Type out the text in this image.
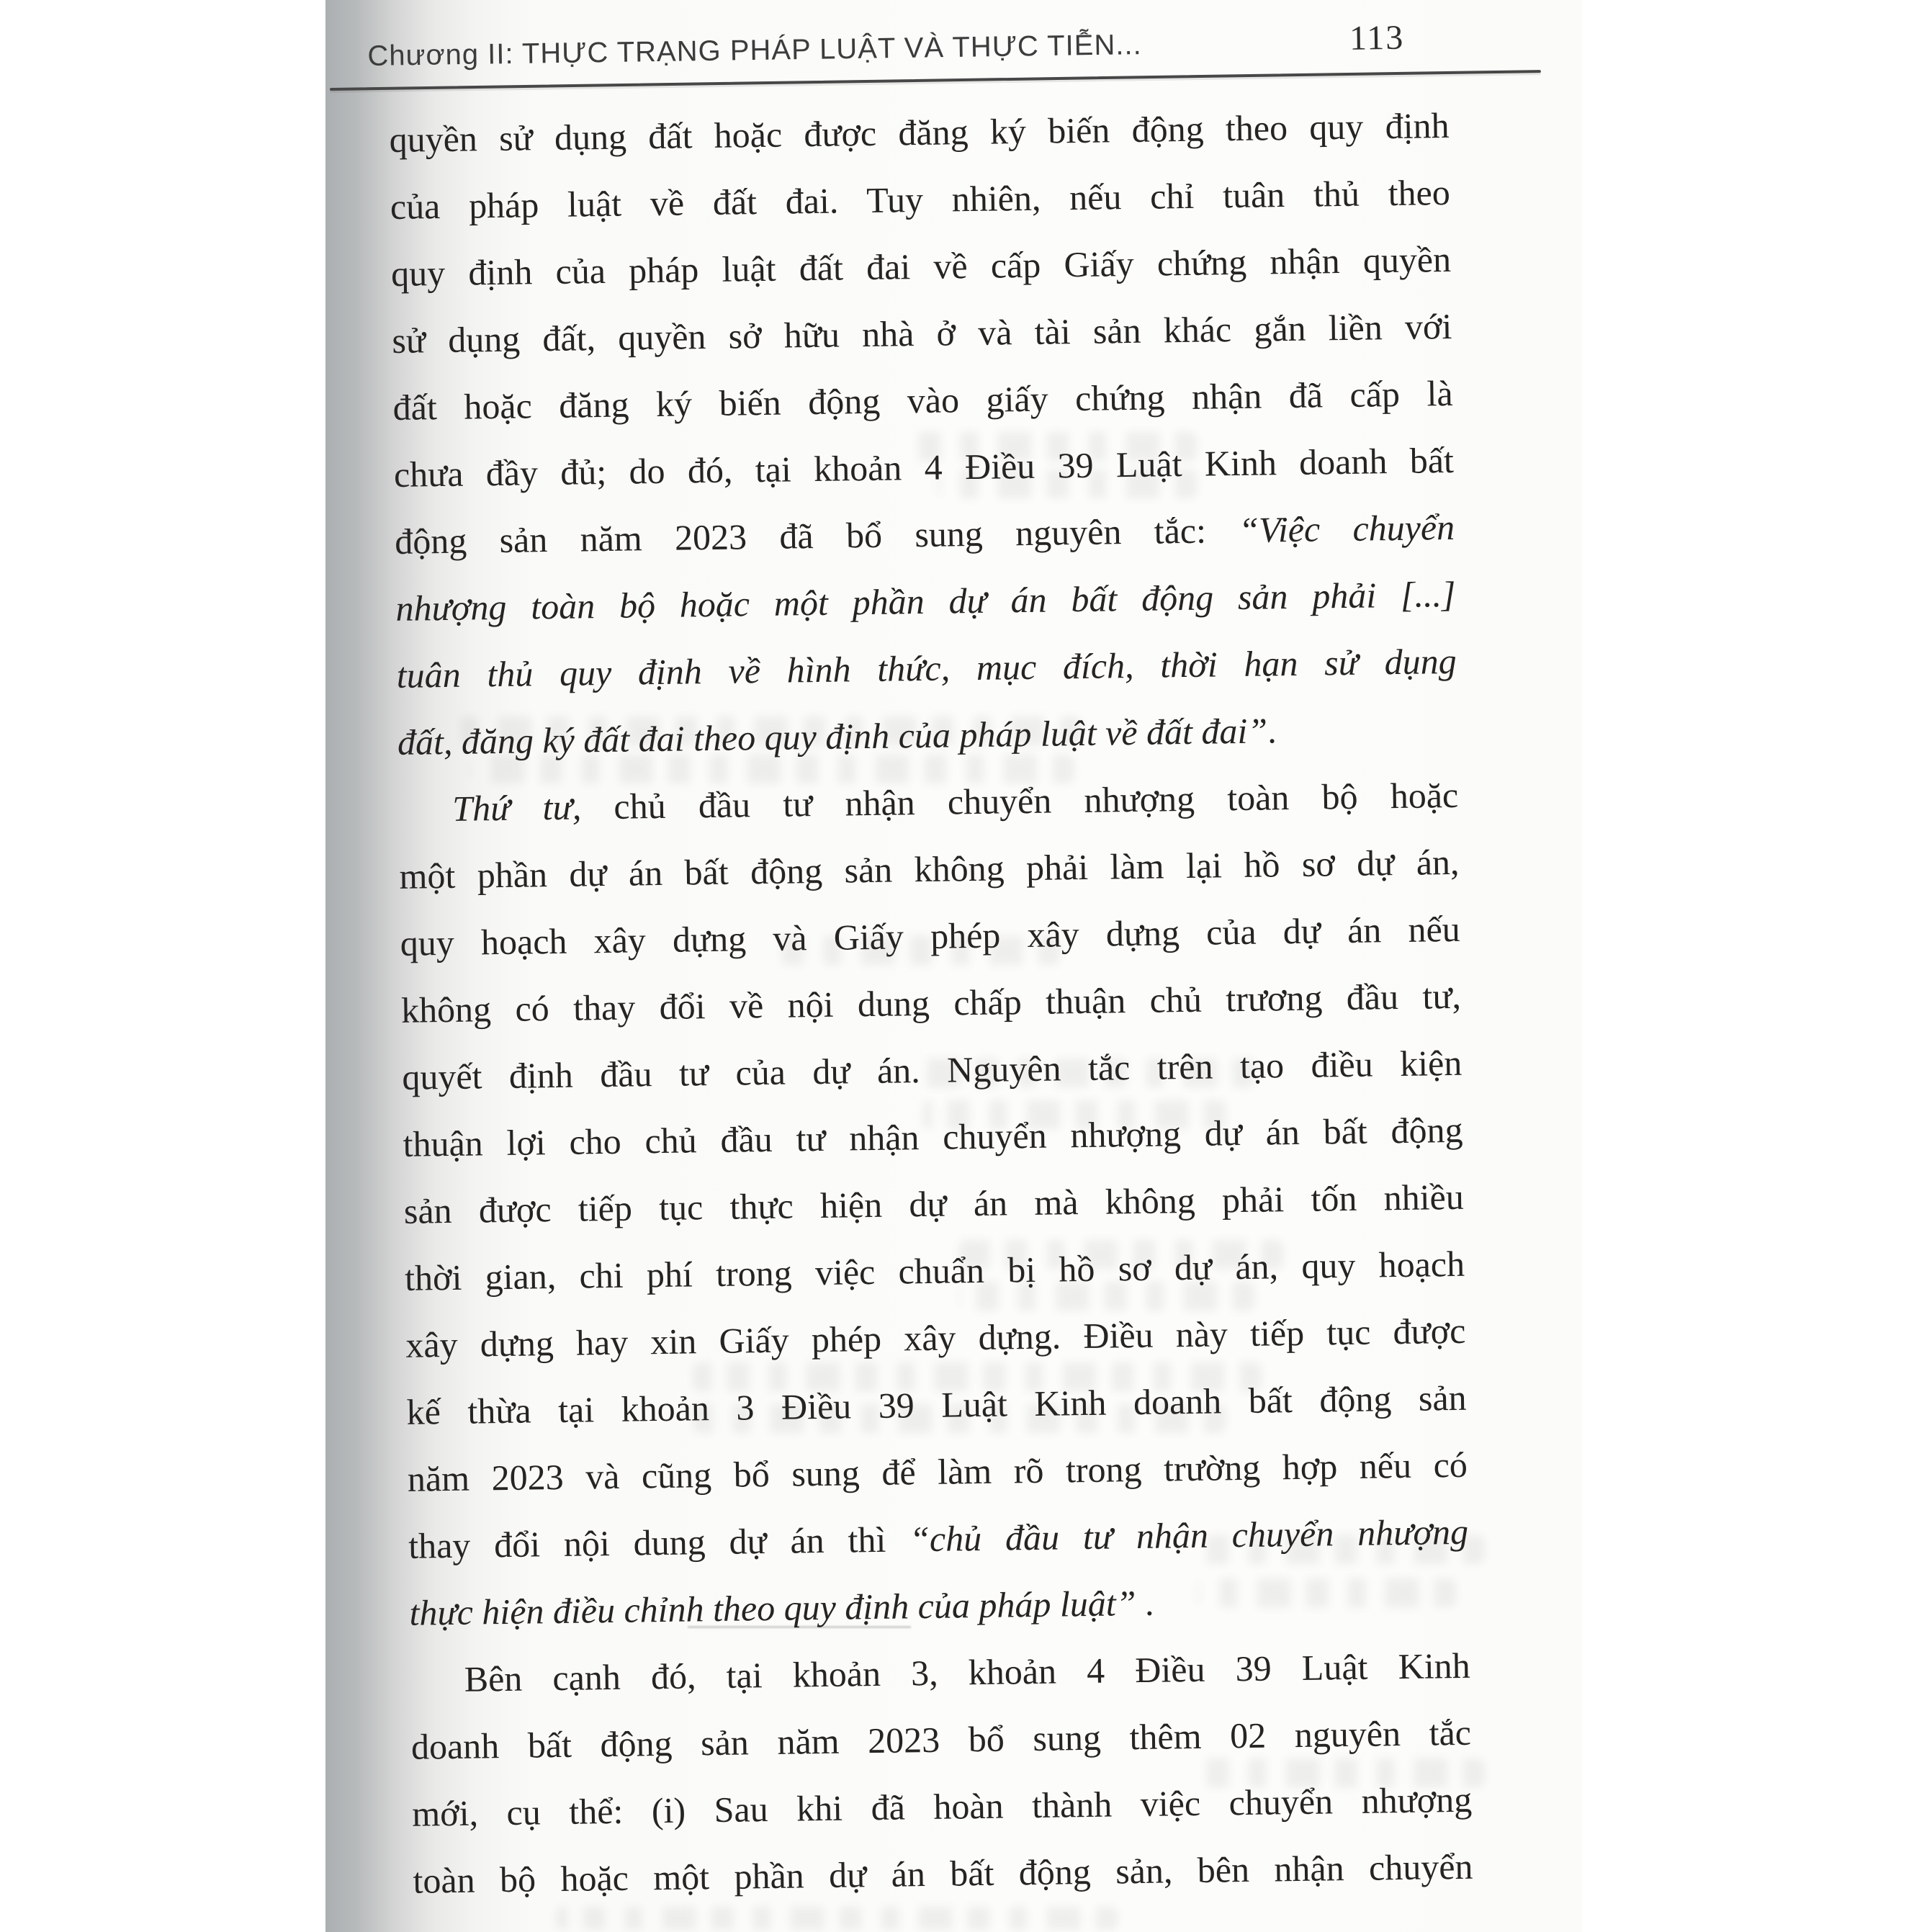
Chương II: THỰC TRẠNG PHÁP LUẬT VÀ THỰC TIỄN...	113
quyền sử dụng đất hoặc được đăng ký biến động theo quy định
của pháp luật về đất đai. Tuy nhiên, nếu chỉ tuân thủ theo
quy định của pháp luật đất đai về cấp Giấy chứng nhận quyền
sử dụng đất, quyền sở hữu nhà ở và tài sản khác gắn liền với
đất hoặc đăng ký biến động vào giấy chứng nhận đã cấp là
chưa đầy đủ; do đó, tại khoản 4 Điều 39 Luật Kinh doanh bất
động sản năm 2023 đã bổ sung nguyên tắc: “Việc chuyển
nhượng toàn bộ hoặc một phần dự án bất động sản phải [...]
tuân thủ quy định về hình thức, mục đích, thời hạn sử dụng
đất, đăng ký đất đai theo quy định của pháp luật về đất đai”.
Thứ tư, chủ đầu tư nhận chuyển nhượng toàn bộ hoặc
một phần dự án bất động sản không phải làm lại hồ sơ dự án,
quy hoạch xây dựng và Giấy phép xây dựng của dự án nếu
không có thay đổi về nội dung chấp thuận chủ trương đầu tư,
quyết định đầu tư của dự án. Nguyên tắc trên tạo điều kiện
thuận lợi cho chủ đầu tư nhận chuyển nhượng dự án bất động
sản được tiếp tục thực hiện dự án mà không phải tốn nhiều
thời gian, chi phí trong việc chuẩn bị hồ sơ dự án, quy hoạch
xây dựng hay xin Giấy phép xây dựng. Điều này tiếp tục được
kế thừa tại khoản 3 Điều 39 Luật Kinh doanh bất động sản
năm 2023 và cũng bổ sung để làm rõ trong trường hợp nếu có
thay đổi nội dung dự án thì “chủ đầu tư nhận chuyển nhượng
thực hiện điều chỉnh theo quy định của pháp luật” .
Bên cạnh đó, tại khoản 3, khoản 4 Điều 39 Luật Kinh
doanh bất động sản năm 2023 bổ sung thêm 02 nguyên tắc
mới, cụ thể: (i) Sau khi đã hoàn thành việc chuyển nhượng
toàn bộ hoặc một phần dự án bất động sản, bên nhận chuyển
